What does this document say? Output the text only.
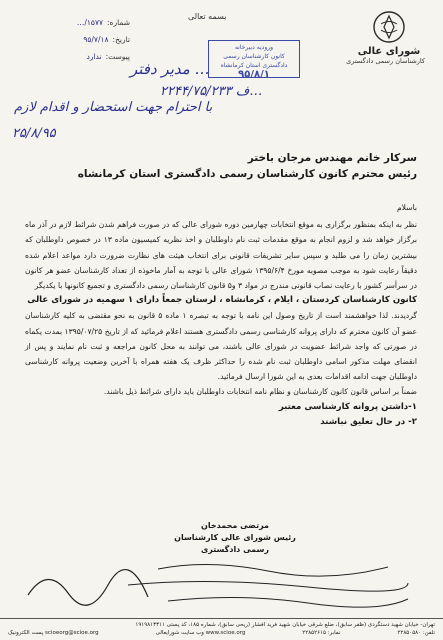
شورای عالی
کارشناسان رسمی دادگستری
بسمه تعالی
شماره:
۱۵۷۷/…
تاریخ:
۹۵/۷/۱۸
پیوست:
ندارد
ورودیه دبیرخانه
کانون کارشناسان رسمی دادگستری استان کرمانشاه
۹۵/۸/۱
… مدیر دفتر
…ف ۲۲۴۴/۷۵/۲۳۳
با احترام جهت استحضار و اقدام لازم
۲۵/۸/۹۵
سرکار خانم مهندس مرجان باختر
رئیس محترم کانون کارشناسان رسمی دادگستری استان کرمانشاه

باسلام

نظر به اینکه بمنظور برگزاری به موقع انتخابات چهارمین دوره شورای عالی که در صورت فراهم شدن شرائط لازم در آذر ماه برگزار خواهد شد و لزوم انجام به موقع مقدمات ثبت نام داوطلبان و اخذ نظریه کمیسیون ماده ۱۳ در خصوص داوطلبان که بیشترین زمان را می طلبد و سپس سایر تشریفات قانونی برای انتخاب هیئت های نظارت ضرورت دارد مواعد اعلام شده دقیقاً رعایت شود به موجب مصوبه مورخ ۱۳۹۵/۶/۴ شورای عالی با توجه به آمار ماخوذه از تعداد کارشناسان عضو هر کانون در سرأسر کشور با رعایت نصاب قانونی مندرج در مواد ۳ و۵ قانون کارشناسان رسمی دادگستری و تجمیع کانونها با یکدیگر

کانون کارشناسان کردستان ، ایلام ، کرمانشاه ، لرستان جمعاً دارای ۱ سهمیه در شورای عالی

گردیدند. لذا خواهشمند است از تاریخ وصول این نامه با توجه به تبصره ۱ ماده ۵ قانون به نحو مقتضی به کلیه کارشناسان عضو آن کانون محترم که دارای پروانه کارشناسی رسمی دادگستری هستند اعلام فرمائید که از تاریخ ۱۳۹۵/۰۷/۲۵ بمدت یکماه در صورتی که واجد شرائط عضویت در شورای عالی باشند، می توانند به محل کانون مراجعه و ثبت نام نمایند و پس از انقضای مهلت مذکور اسامی داوطلبان ثبت نام شده را حداکثر ظرف یک هفته همراه با آخرین وضعیت پروانه کارشناسی داوطلبان جهت ادامه اقدامات بعدی به این شورا ارسال فرمائید.

ضمناً بر اساس قانون کانون کارشناسان و نظام نامه انتخابات داوطلبان باید دارای شرائط ذیل باشند.

۱-داشتن پروانه کارشناسی معتبر

۲- در حال تعلیق نباشند

مرتضی محمدخان
رئیس شورای عالی کارشناسان رسمی دادگستری
تهران- خیابان شهید دستگردی (ظفر سابق)، ضلع شرقی خیابان شهید فرید افشار (ریحی سابق)، شماره ۱۸۵، کد پستی ۱۹۱۹۸۱۳۳۱۱
پست الکترونیک scioeorg@scioe.org	وب سایت شورایعالی www.scioe.org	نمابر: ۲۲۸۵۲۶۱۵	تلفن: ۲۲۸۵۰۵۸۰
